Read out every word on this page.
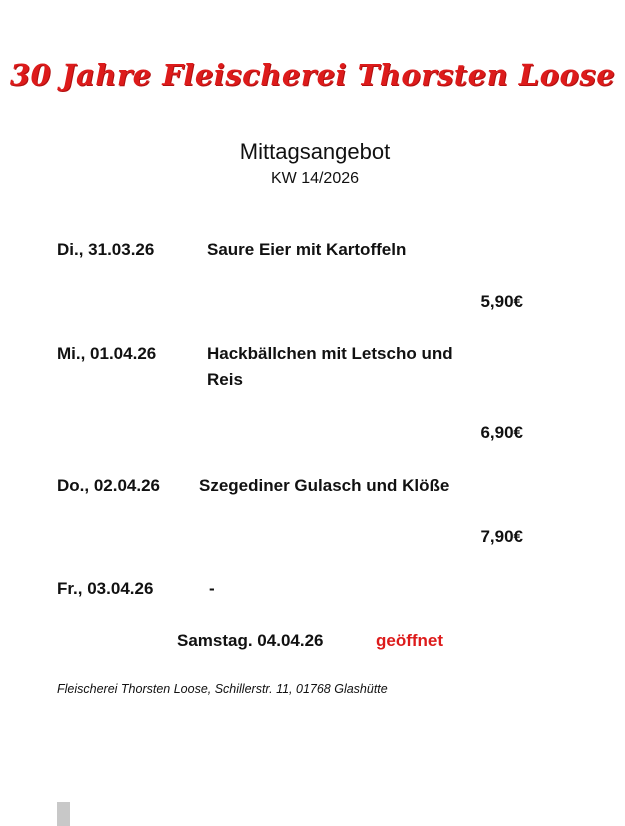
30 Jahre Fleischerei Thorsten Loose
Mittagsangebot
KW 14/2026
Di., 31.03.26	Saure Eier mit Kartoffeln
5,90€
Mi., 01.04.26	Hackbällchen mit Letscho und
Reis
6,90€
Do., 02.04.26 Szegediner Gulasch und Klöße
7,90€
Fr., 03.04.26	-
Samstag. 04.04.26	geöffnet
Fleischerei Thorsten Loose, Schillerstr. 11, 01768 Glashütte
